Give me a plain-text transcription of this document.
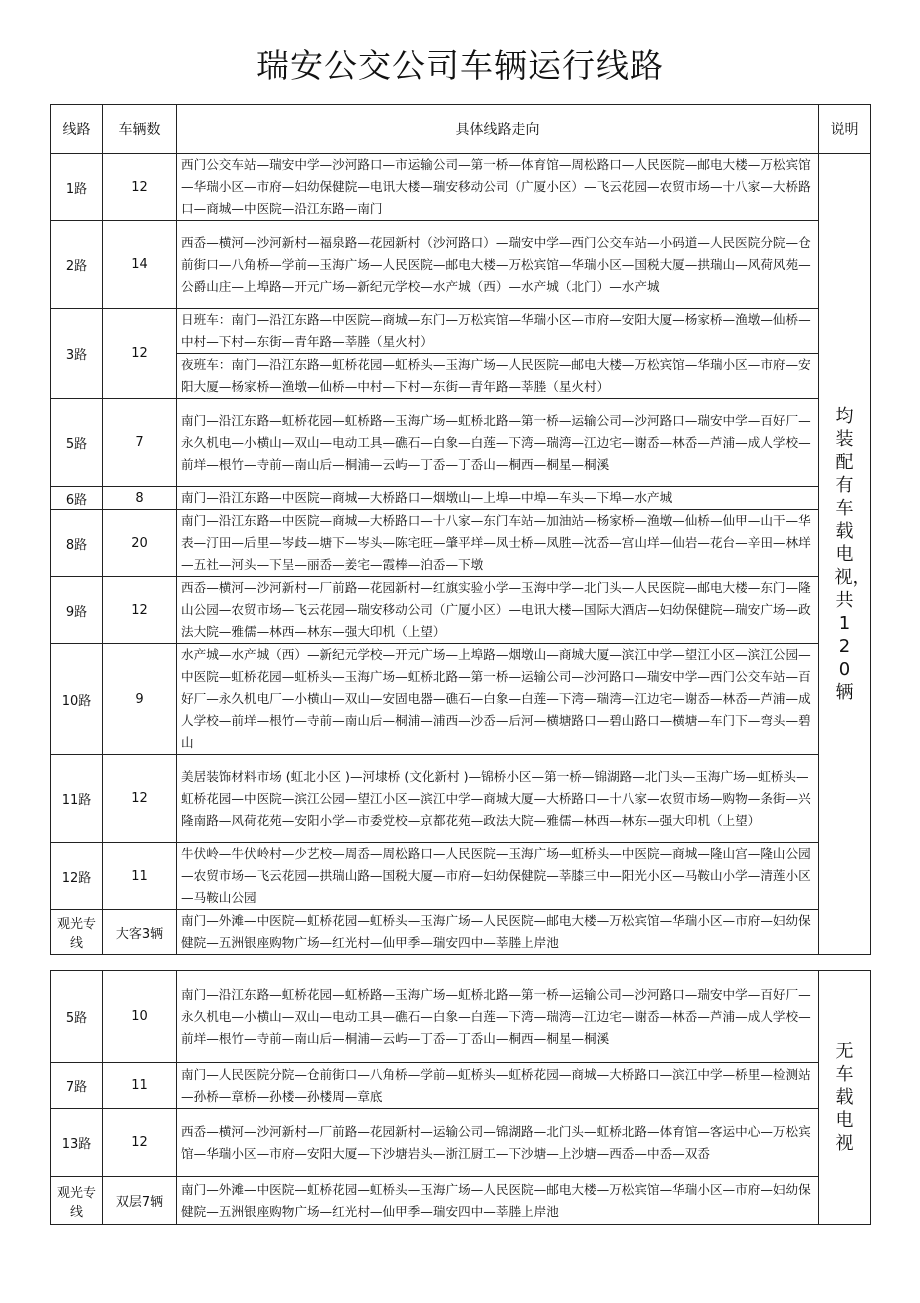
瑞安公交公司车辆运行线路
线路	车辆数	具体线路走向	说明
1路	12	西门公交车站—瑞安中学—沙河路口—市运输公司—第一桥—体育馆—周松路口—人民医院—邮电大楼—万松宾馆—华瑞小区—市府—妇幼保健院—电讯大楼—瑞安移动公司（广厦小区）—飞云花园—农贸市场—十八家—大桥路口—商城—中医院—沿江东路—南门	均装配有车载电视，共120辆

2路	14	西岙—横河—沙河新村—福泉路—花园新村（沙河路口）—瑞安中学—西门公交车站—小码道—人民医院分院—仓前街口—八角桥—学前—玉海广场—人民医院—邮电大楼—万松宾馆—华瑞小区—国税大厦—拱瑞山—风荷风苑—公爵山庄—上埠路—开元广场—新纪元学校—水产城（西）—水产城（北门）—水产城	
3路	12	日班车：南门—沿江东路—中医院—商城—东门—万松宾馆—华瑞小区—市府—安阳大厦—杨家桥—渔墩—仙桥—中村—下村—东街—青年路—莘塍（星火村）	
		夜班车：南门—沿江东路—虹桥花园—虹桥头—玉海广场—人民医院—邮电大楼—万松宾馆—华瑞小区—市府—安阳大厦—杨家桥—渔墩—仙桥—中村—下村—东街—青年路—莘塍（星火村）	
5路	7	南门—沿江东路—虹桥花园—虹桥路—玉海广场—虹桥北路—第一桥—运输公司—沙河路口—瑞安中学—百好厂—永久机电—小横山—双山—电动工具—礁石—白象—白莲—下湾—瑞湾—江边宅—谢岙—林岙—芦浦—成人学校—前垟—根竹—寺前—南山后—桐浦—云屿—丁岙—丁岙山—桐西—桐星—桐溪	
6路	8	南门—沿江东路—中医院—商城—大桥路口—烟墩山—上埠—中埠—车头—下埠—水产城	
8路	20	南门—沿江东路—中医院—商城—大桥路口—十八家—东门车站—加油站—杨家桥—渔墩—仙桥—仙甲—山干—华表—汀田—后里—岑歧—塘下—岑头—陈宅旺—肇平垟—凤士桥—凤胜—沈岙—宫山垟—仙岩—花台—辛田—林垟—五社—河头—下呈—丽岙—姜宅—霞棒—泊岙—下墩	
9路	12	西岙—横河—沙河新村—厂前路—花园新村—红旗实验小学—玉海中学—北门头—人民医院—邮电大楼—东门—隆山公园—农贸市场—飞云花园—瑞安移动公司（广厦小区）—电讯大楼—国际大酒店—妇幼保健院—瑞安广场—政法大院—雅儒—林西—林东—强大印机（上望）	
10路	9	水产城—水产城（西）—新纪元学校—开元广场—上埠路—烟墩山—商城大厦—滨江中学—望江小区—滨江公园—中医院—虹桥花园—虹桥头—玉海广场—虹桥北路—第一桥—运输公司—沙河路口—瑞安中学—西门公交车站—百好厂—永久机电厂—小横山—双山—安固电器—礁石—白象—白莲—下湾—瑞湾—江边宅—谢岙—林岙—芦浦—成人学校—前垟—根竹—寺前—南山后—桐浦—浦西—沙岙—后河—横塘路口—碧山路口—横塘—车门下—弯头—碧山	
11路	12	美居装饰材料市场 (虹北小区 )—河埭桥 (文化新村 )—锦桥小区—第一桥—锦湖路—北门头—玉海广场—虹桥头—虹桥花园—中医院—滨江公园—望江小区—滨江中学—商城大厦—大桥路口—十八家—农贸市场—购物—条街—兴隆南路—风荷花苑—安阳小学—市委党校—京都花苑—政法大院—雅儒—林西—林东—强大印机（上望）	
12路	11	牛伏岭—牛伏岭村—少艺校—周岙—周松路口—人民医院—玉海广场—虹桥头—中医院—商城—隆山宫—隆山公园—农贸市场—飞云花园—拱瑞山路—国税大厦—市府—妇幼保健院—莘膝三中—阳光小区—马鞍山小学—清莲小区—马鞍山公园	
观光专线	大客3辆	南门—外滩—中医院—虹桥花园—虹桥头—玉海广场—人民医院—邮电大楼—万松宾馆—华瑞小区—市府—妇幼保健院—五洲银座购物广场—红光村—仙甲季—瑞安四中—莘塍上岸池	
5路	10	南门—沿江东路—虹桥花园—虹桥路—玉海广场—虹桥北路—第一桥—运输公司—沙河路口—瑞安中学—百好厂—永久机电—小横山—双山—电动工具—礁石—白象—白莲—下湾—瑞湾—江边宅—谢岙—林岙—芦浦—成人学校—前垟—根竹—寺前—南山后—桐浦—云屿—丁岙—丁岙山—桐西—桐星—桐溪	无车载电视

7路	11	南门—人民医院分院—仓前街口—八角桥—学前—虹桥头—虹桥花园—商城—大桥路口—滨江中学—桥里—检测站—孙桥—章桥—孙楼—孙楼周—章底	
13路	12	西岙—横河—沙河新村—厂前路—花园新村—运输公司—锦湖路—北门头—虹桥北路—体育馆—客运中心—万松宾馆—华瑞小区—市府—安阳大厦—下沙塘岩头—浙江厨工—下沙塘—上沙塘—西岙—中岙—双岙	
观光专线	双层7辆	南门—外滩—中医院—虹桥花园—虹桥头—玉海广场—人民医院—邮电大楼—万松宾馆—华瑞小区—市府—妇幼保健院—五洲银座购物广场—红光村—仙甲季—瑞安四中—莘塍上岸池	
